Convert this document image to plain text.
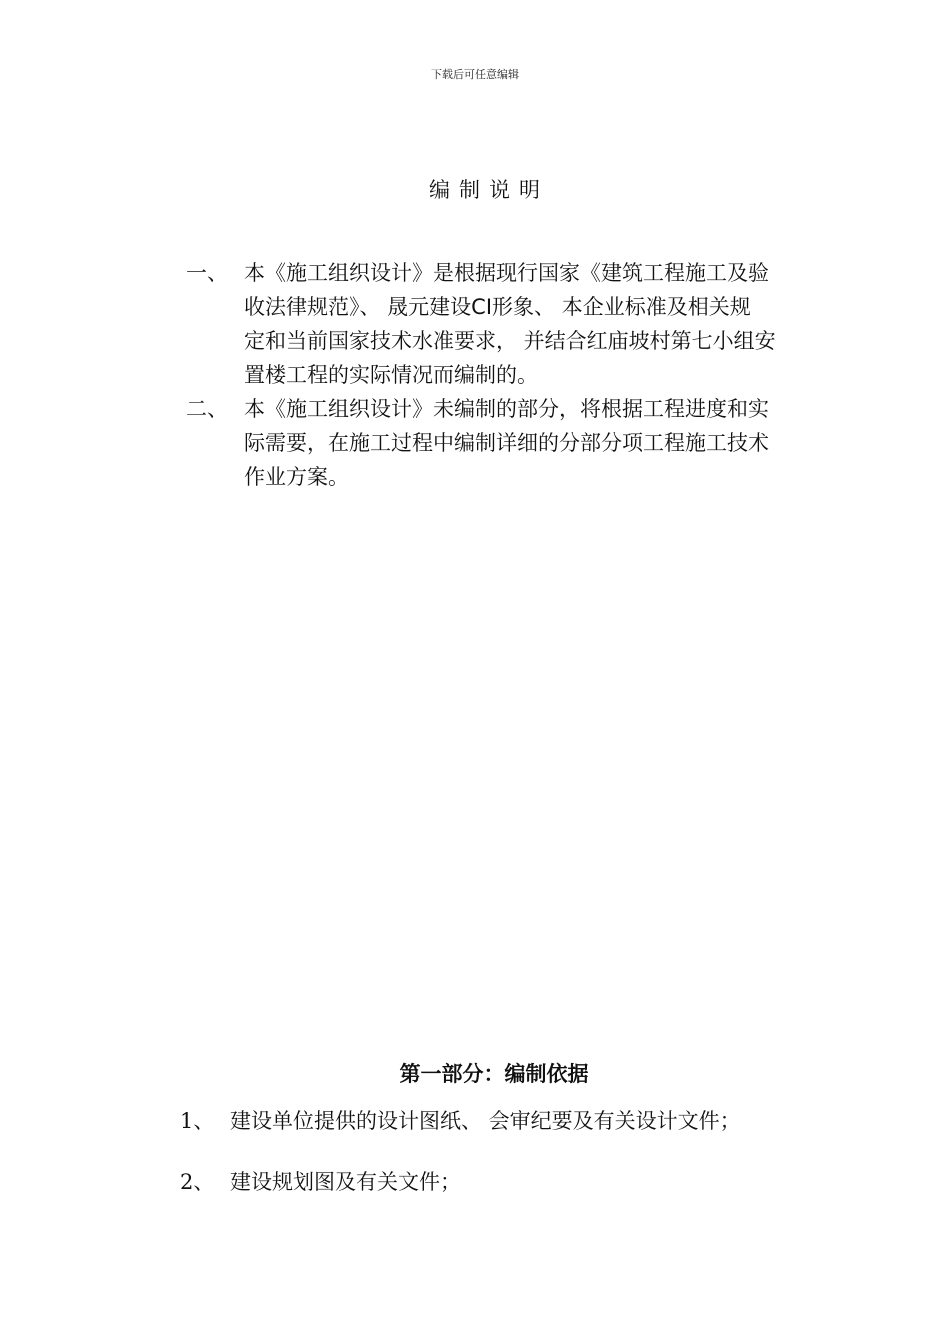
下载后可任意编辑
编制说明
一、 本《施工组织设计》是根据现行国家《建筑工程施工及验
收法律规范》、 晟元建设CI形象、 本企业标准及相关规
定和当前国家技术水准要求， 并结合红庙坡村第七小组安
置楼工程的实际情况而编制的。
二、 本《施工组织设计》未编制的部分，将根据工程进度和实
际需要，在施工过程中编制详细的分部分项工程施工技术
作业方案。
第一部分：编制依据
1、 建设单位提供的设计图纸、 会审纪要及有关设计文件；
2、 建设规划图及有关文件；
